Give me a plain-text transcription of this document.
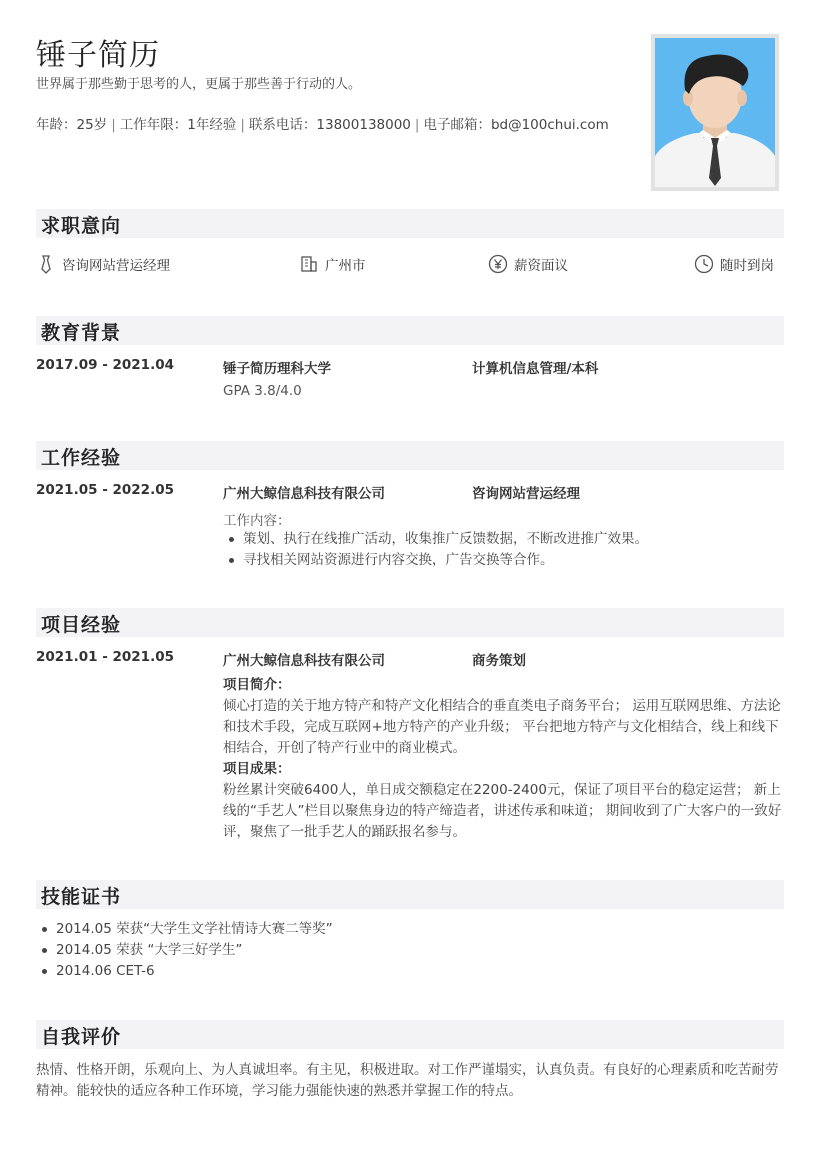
锤子简历
世界属于那些勤于思考的人，更属于那些善于行动的人。
年龄：25岁 | 工作年限：1年经验 | 联系电话：13800138000 | 电子邮箱：bd@100chui.com
求职意向
咨询网站营运经理	广州市	薪资面议	随时到岗
教育背景
2017.09 - 2021.04	锤子简历理科大学	计算机信息管理/本科
GPA 3.8/4.0
工作经验
2021.05 - 2022.05	广州大鲸信息科技有限公司	咨询网站营运经理
工作内容：
策划、执行在线推广活动，收集推广反馈数据，不断改进推广效果。
寻找相关网站资源进行内容交换，广告交换等合作。
项目经验
2021.01 - 2021.05	广州大鲸信息科技有限公司	商务策划
项目简介：
倾心打造的关于地方特产和特产文化相结合的垂直类电子商务平台； 运用互联网思维、方法论和技术手段，完成互联网+地方特产的产业升级； 平台把地方特产与文化相结合，线上和线下相结合，开创了特产行业中的商业模式。
项目成果：
粉丝累计突破6400人，单日成交额稳定在2200-2400元，保证了项目平台的稳定运营； 新上线的“手艺人”栏目以聚焦身边的特产缔造者，讲述传承和味道； 期间收到了广大客户的一致好评，聚焦了一批手艺人的踊跃报名参与。
技能证书
2014.05 荣获“大学生文学社情诗大赛二等奖”
2014.05 荣获 “大学三好学生”
2014.06 CET-6
自我评价
热情、性格开朗，乐观向上、为人真诚坦率。有主见，积极进取。对工作严谨塌实，认真负责。有良好的心理素质和吃苦耐劳精神。能较快的适应各种工作环境，学习能力强能快速的熟悉并掌握工作的特点。
